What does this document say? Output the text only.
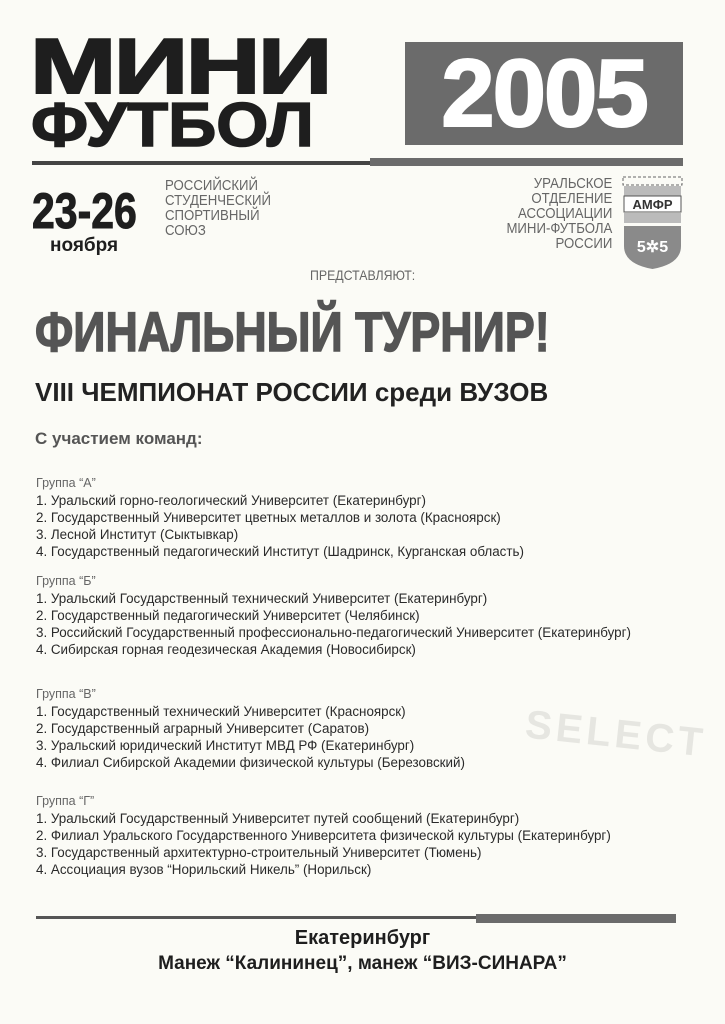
МИНИ
ФУТБОЛ	2005
23-26
ноября
РОССИЙСКИЙ
СТУДЕНЧЕСКИЙ
СПОРТИВНЫЙ
СОЮЗ
УРАЛЬСКОЕ
ОТДЕЛЕНИЕ
АССОЦИАЦИИ
МИНИ-ФУТБОЛА
РОССИИ
АМФР
5✲5
ПРЕДСТАВЛЯЮТ:
ФИНАЛЬНЫЙ ТУРНИР!
VIII ЧЕМПИОНАТ РОССИИ среди ВУЗОВ
С участием команд:
SELECT
Группа “А”
1. Уральский горно-геологический Университет (Екатеринбург)
2. Государственный Университет цветных металлов и золота (Красноярск)
3. Лесной Институт (Сыктывкар)
4. Государственный педагогический Институт (Шадринск, Курганская область)
Группа “Б”
1. Уральский Государственный технический Университет (Екатеринбург)
2. Государственный педагогический Университет (Челябинск)
3. Российский Государственный профессионально-педагогический Университет (Екатеринбург)
4. Сибирская горная геодезическая Академия (Новосибирск)
Группа “В”
1. Государственный технический Университет (Красноярск)
2. Государственный аграрный Университет (Саратов)
3. Уральский юридический Институт МВД РФ (Екатеринбург)
4. Филиал Сибирской Академии физической культуры (Березовский)
Группа “Г”
1. Уральский Государственный Университет путей сообщений (Екатеринбург)
2. Филиал Уральского Государственного Университета физической культуры (Екатеринбург)
3. Государственный архитектурно-строительный Университет (Тюмень)
4. Ассоциация вузов “Норильский Никель” (Норильск)
Екатеринбург
Манеж “Калининец”, манеж “ВИЗ-СИНАРА”
